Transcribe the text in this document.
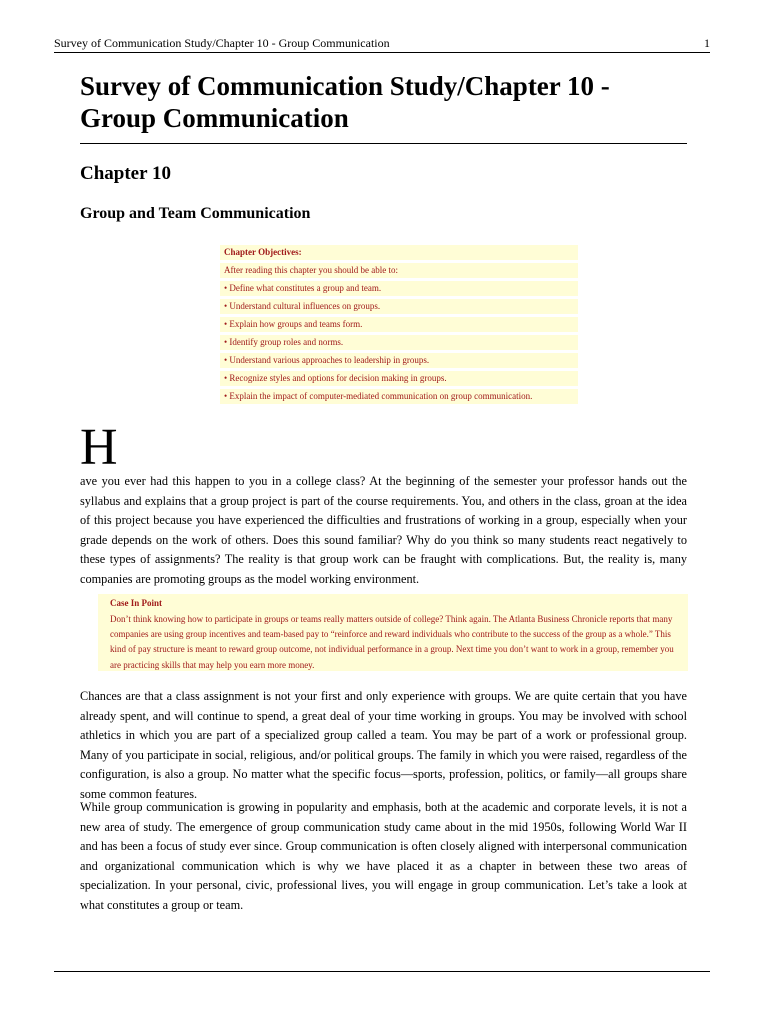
Survey of Communication Study/Chapter 10 - Group Communication	1
Survey of Communication Study/Chapter 10 - Group Communication
Chapter 10
Group and Team Communication
Chapter Objectives:
After reading this chapter you should be able to:
• Define what constitutes a group and team.
• Understand cultural influences on groups.
• Explain how groups and teams form.
• Identify group roles and norms.
• Understand various approaches to leadership in groups.
• Recognize styles and options for decision making in groups.
• Explain the impact of computer-mediated communication on group communication.
H

ave you ever had this happen to you in a college class? At the beginning of the semester your professor hands out the syllabus and explains that a group project is part of the course requirements. You, and others in the class, groan at the idea of this project because you have experienced the difficulties and frustrations of working in a group, especially when your grade depends on the work of others. Does this sound familiar? Why do you think so many students react negatively to these types of assignments? The reality is that group work can be fraught with complications. But, the reality is, many companies are promoting groups as the model working environment.

Case In Point

Don’t think knowing how to participate in groups or teams really matters outside of college? Think again. The Atlanta Business Chronicle reports that many companies are using group incentives and team-based pay to “reinforce and reward individuals who contribute to the success of the group as a whole.” This kind of pay structure is meant to reward group outcome, not individual performance in a group. Next time you don’t want to work in a group, remember you are practicing skills that may help you earn more money.

Chances are that a class assignment is not your first and only experience with groups. We are quite certain that you have already spent, and will continue to spend, a great deal of your time working in groups. You may be involved with school athletics in which you are part of a specialized group called a team. You may be part of a work or professional group. Many of you participate in social, religious, and/or political groups. The family in which you were raised, regardless of the configuration, is also a group. No matter what the specific focus—sports, profession, politics, or family—all groups share some common features.

While group communication is growing in popularity and emphasis, both at the academic and corporate levels, it is not a new area of study. The emergence of group communication study came about in the mid 1950s, following World War II and has been a focus of study ever since. Group communication is often closely aligned with interpersonal communication and organizational communication which is why we have placed it as a chapter in between these two areas of specialization. In your personal, civic, professional lives, you will engage in group communication. Let’s take a look at what constitutes a group or team.
